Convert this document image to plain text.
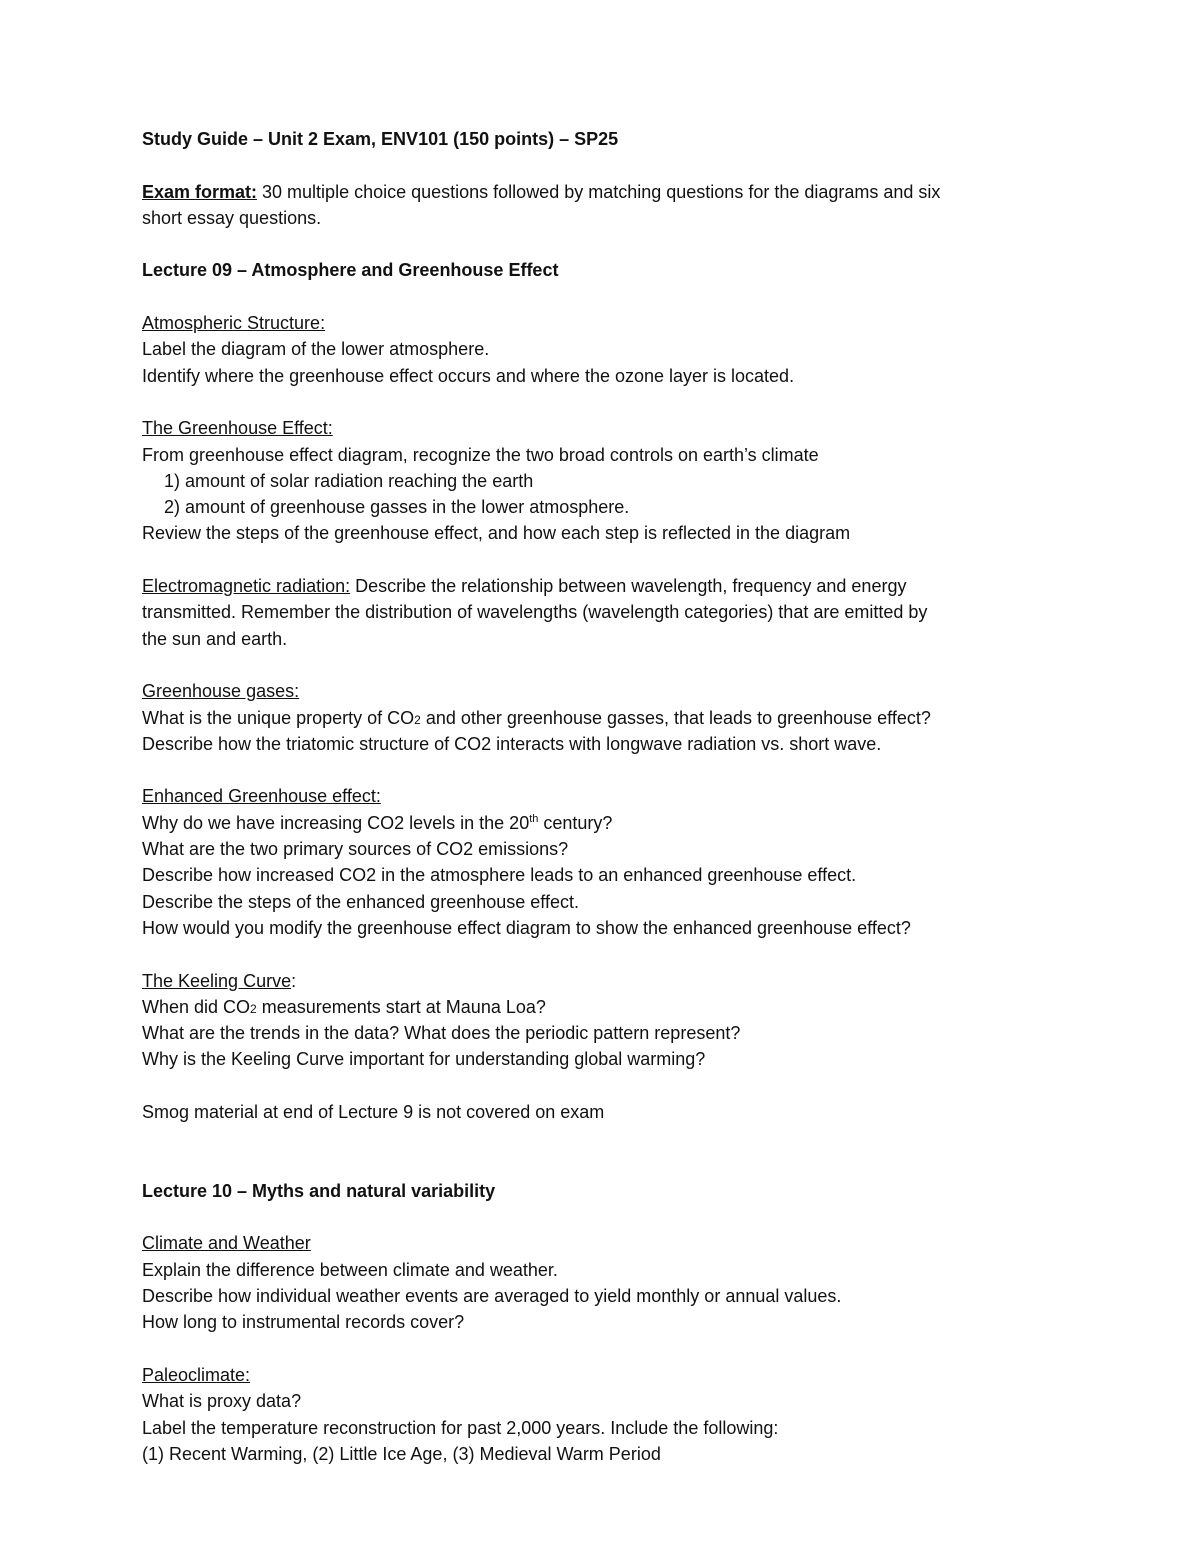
Study Guide – Unit 2 Exam, ENV101 (150 points) – SP25
Exam format: 30 multiple choice questions followed by matching questions for the diagrams and six
short essay questions.
Lecture 09 – Atmosphere and Greenhouse Effect
Atmospheric Structure:
Label the diagram of the lower atmosphere.
Identify where the greenhouse effect occurs and where the ozone layer is located.
The Greenhouse Effect:
From greenhouse effect diagram, recognize the two broad controls on earth’s climate
1) amount of solar radiation reaching the earth
2) amount of greenhouse gasses in the lower atmosphere.
Review the steps of the greenhouse effect, and how each step is reflected in the diagram
Electromagnetic radiation: Describe the relationship between wavelength, frequency and energy
transmitted. Remember the distribution of wavelengths (wavelength categories) that are emitted by
the sun and earth.
Greenhouse gases:
What is the unique property of CO2 and other greenhouse gasses, that leads to greenhouse effect?
Describe how the triatomic structure of CO2 interacts with longwave radiation vs. short wave.
Enhanced Greenhouse effect:
Why do we have increasing CO2 levels in the 20th century?
What are the two primary sources of CO2 emissions?
Describe how increased CO2 in the atmosphere leads to an enhanced greenhouse effect.
Describe the steps of the enhanced greenhouse effect.
How would you modify the greenhouse effect diagram to show the enhanced greenhouse effect?
The Keeling Curve:
When did CO2 measurements start at Mauna Loa?
What are the trends in the data? What does the periodic pattern represent?
Why is the Keeling Curve important for understanding global warming?
Smog material at end of Lecture 9 is not covered on exam
Lecture 10 – Myths and natural variability
Climate and Weather
Explain the difference between climate and weather.
Describe how individual weather events are averaged to yield monthly or annual values.
How long to instrumental records cover?
Paleoclimate:
What is proxy data?
Label the temperature reconstruction for past 2,000 years. Include the following:
(1) Recent Warming, (2) Little Ice Age, (3) Medieval Warm Period
